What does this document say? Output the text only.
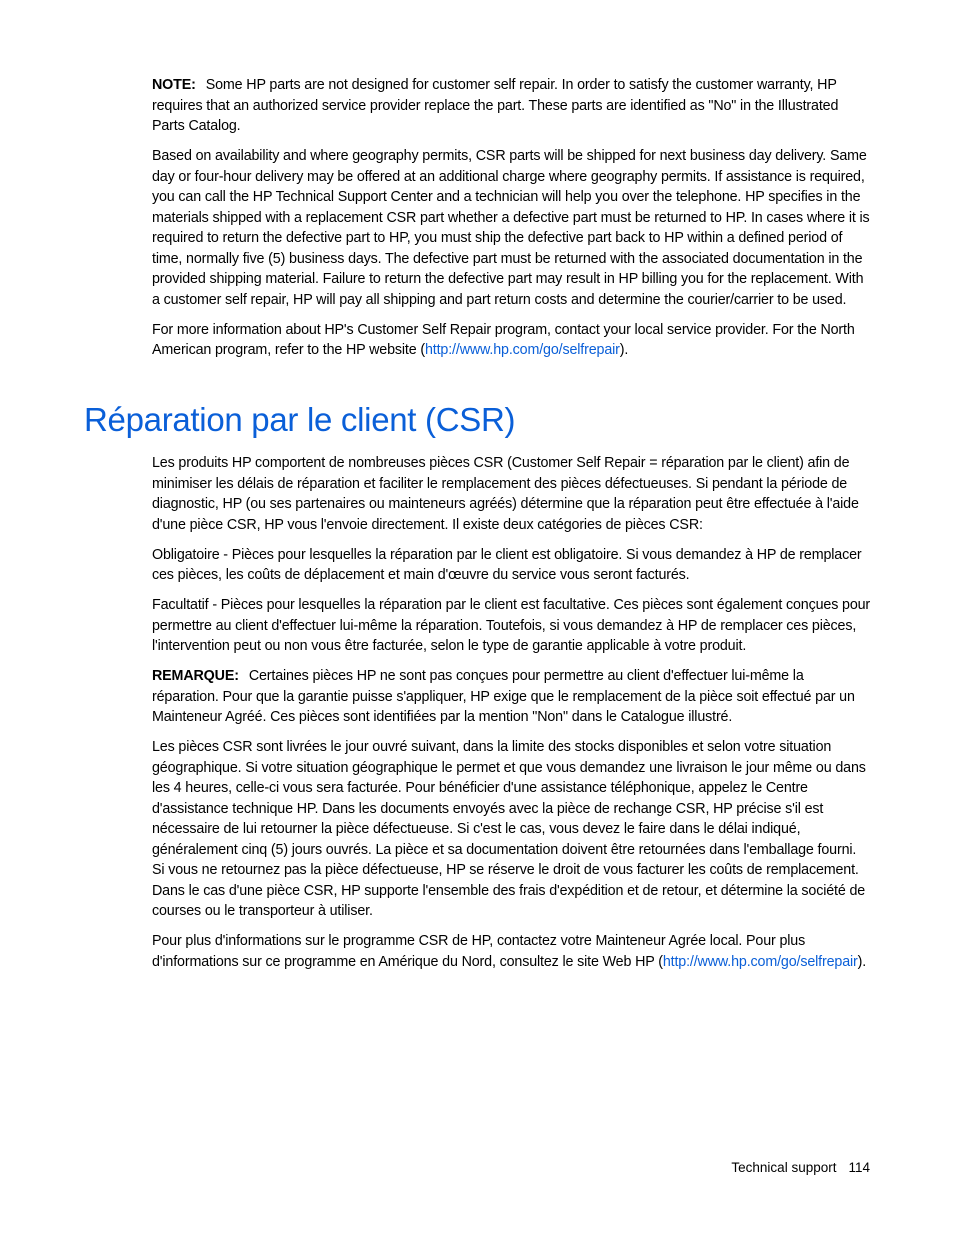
NOTE: Some HP parts are not designed for customer self repair. In order to satisfy the customer warranty, HP requires that an authorized service provider replace the part. These parts are identified as "No" in the Illustrated Parts Catalog.

Based on availability and where geography permits, CSR parts will be shipped for next business day delivery. Same day or four-hour delivery may be offered at an additional charge where geography permits. If assistance is required, you can call the HP Technical Support Center and a technician will help you over the telephone. HP specifies in the materials shipped with a replacement CSR part whether a defective part must be returned to HP. In cases where it is required to return the defective part to HP, you must ship the defective part back to HP within a defined period of time, normally five (5) business days. The defective part must be returned with the associated documentation in the provided shipping material. Failure to return the defective part may result in HP billing you for the replacement. With a customer self repair, HP will pay all shipping and part return costs and determine the courier/carrier to be used.

For more information about HP's Customer Self Repair program, contact your local service provider. For the North American program, refer to the HP website (http://www.hp.com/go/selfrepair).

Réparation par le client (CSR)

Les produits HP comportent de nombreuses pièces CSR (Customer Self Repair = réparation par le client) afin de minimiser les délais de réparation et faciliter le remplacement des pièces défectueuses. Si pendant la période de diagnostic, HP (ou ses partenaires ou mainteneurs agréés) détermine que la réparation peut être effectuée à l'aide d'une pièce CSR, HP vous l'envoie directement. Il existe deux catégories de pièces CSR:

Obligatoire - Pièces pour lesquelles la réparation par le client est obligatoire. Si vous demandez à HP de remplacer ces pièces, les coûts de déplacement et main d'œuvre du service vous seront facturés.

Facultatif - Pièces pour lesquelles la réparation par le client est facultative. Ces pièces sont également conçues pour permettre au client d'effectuer lui-même la réparation. Toutefois, si vous demandez à HP de remplacer ces pièces, l'intervention peut ou non vous être facturée, selon le type de garantie applicable à votre produit.

REMARQUE: Certaines pièces HP ne sont pas conçues pour permettre au client d'effectuer lui-même la réparation. Pour que la garantie puisse s'appliquer, HP exige que le remplacement de la pièce soit effectué par un Mainteneur Agréé. Ces pièces sont identifiées par la mention "Non" dans le Catalogue illustré.

Les pièces CSR sont livrées le jour ouvré suivant, dans la limite des stocks disponibles et selon votre situation géographique. Si votre situation géographique le permet et que vous demandez une livraison le jour même ou dans les 4 heures, celle-ci vous sera facturée. Pour bénéficier d'une assistance téléphonique, appelez le Centre d'assistance technique HP. Dans les documents envoyés avec la pièce de rechange CSR, HP précise s'il est nécessaire de lui retourner la pièce défectueuse. Si c'est le cas, vous devez le faire dans le délai indiqué, généralement cinq (5) jours ouvrés. La pièce et sa documentation doivent être retournées dans l'emballage fourni. Si vous ne retournez pas la pièce défectueuse, HP se réserve le droit de vous facturer les coûts de remplacement. Dans le cas d'une pièce CSR, HP supporte l'ensemble des frais d'expédition et de retour, et détermine la société de courses ou le transporteur à utiliser.

Pour plus d'informations sur le programme CSR de HP, contactez votre Mainteneur Agrée local. Pour plus d'informations sur ce programme en Amérique du Nord, consultez le site Web HP (http://www.hp.com/go/selfrepair).

Technical support 114
